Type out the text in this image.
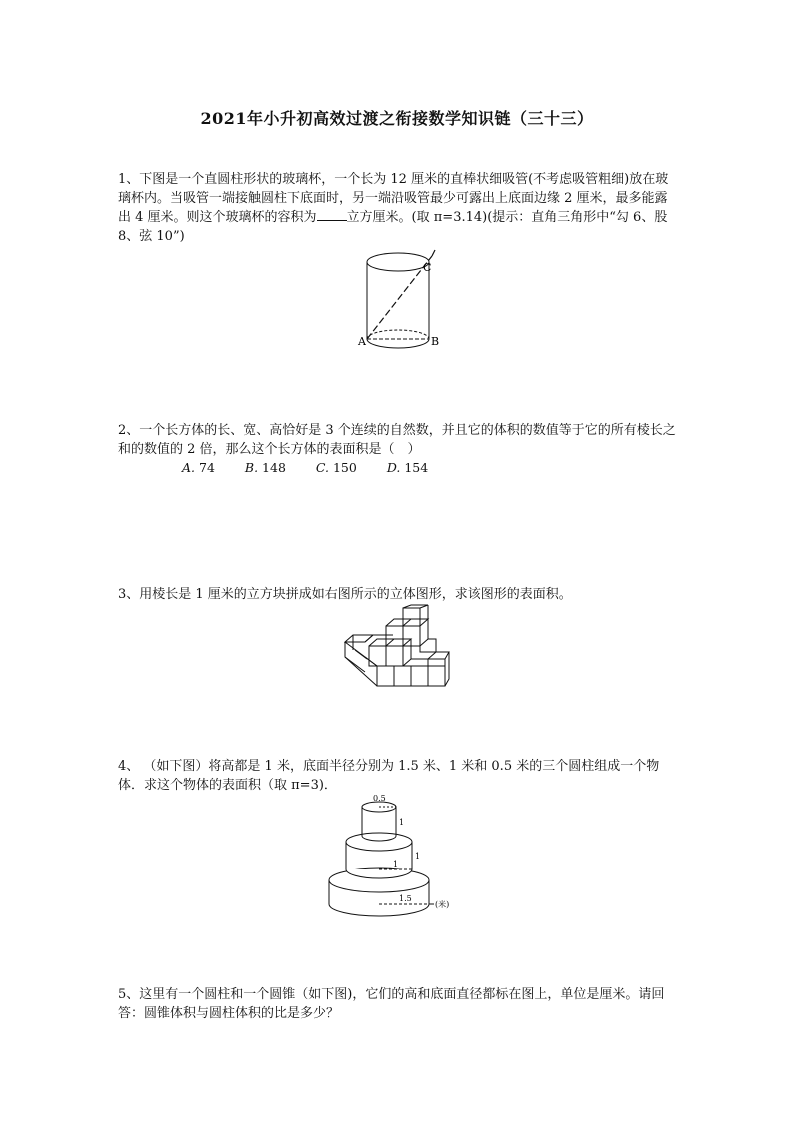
2021年小升初高效过渡之衔接数学知识链（三十三）
1、下图是一个直圆柱形状的玻璃杯，一个长为 12 厘米的直棒状细吸管(不考虑吸管粗细)放在玻璃杯内。当吸管一端接触圆柱下底面时，另一端沿吸管最少可露出上底面边缘 2 厘米，最多能露出 4 厘米。则这个玻璃杯的容积为 立方厘米。(取 π=3.14)(提示：直角三角形中“勾 6、股 8、弦 10”)
A	B
C
2、一个长方体的长、宽、高恰好是 3 个连续的自然数，并且它的体积的数值等于它的所有棱长之和的数值的 2 倍，那么这个长方体的表面积是（　）
A. 74 B. 148 C. 150 D. 154
3、用棱长是 1 厘米的立方块拼成如右图所示的立体图形，求该图形的表面积。
4、 （如下图）将高都是 1 米，底面半径分别为 1.5 米、1 米和 0.5 米的三个圆柱组成一个物体．求这个物体的表面积（取 π=3)．
0.5
1
1
1
1.5
(米)
5、这里有一个圆柱和一个圆锥（如下图)，它们的高和底面直径都标在图上，单位是厘米。请回答：圆锥体积与圆柱体积的比是多少？
